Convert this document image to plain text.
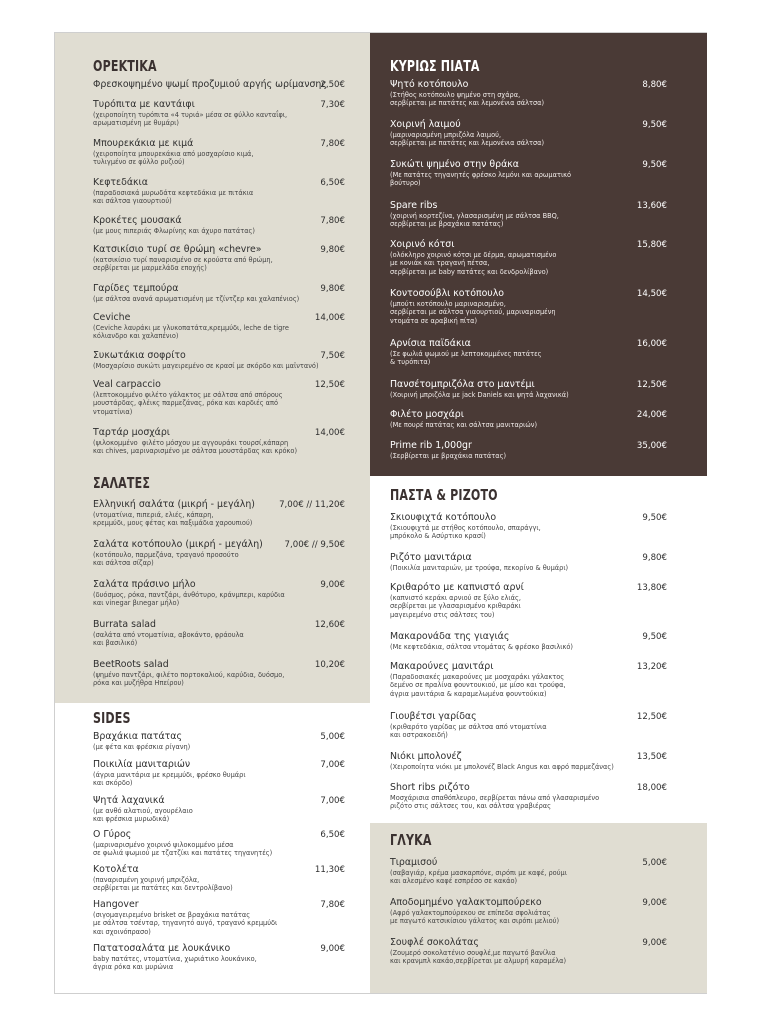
ΟΡΕΚΤΙΚΑ
Φρεσκοψημένο ψωμί προζυμιού αργής ωρίμανσης
2,50€
Τυρόπιτα με καντάιφι
(χειροποίητη τυρόπιτα «4 τυριά» μέσα σε φύλλο κανταΐφι,
αρωματισμένη με θυμάρι)
7,30€
Μπουρεκάκια με κιμά
(χειροποίητα μπουρεκάκια από μοσχαρίσιο κιμά,
τυλιγμένο σε φύλλο ρυζιού)
7,80€
Κεφτεδάκια
(παραδοσιακά μυρωδάτα κεφτεδάκια με πιτάκια
και σάλτσα γιαουρτιού)
6,50€
Κροκέτες μουσακά
(με μους πιπεριάς Φλωρίνης και άχυρο πατάτας)
7,80€
Κατσικίσιο τυρί σε θρώμη «chevre»
(κατσικίσιο τυρί παναρισμένο σε κρούστα από θρώμη,
σερβίρεται με μαρμελάδα εποχής)
9,80€
Γαρίδες τεμπούρα
(με σάλτσα ανανά αρωματισμένη με τζίντζερ και χαλαπένιος)
9,80€
Ceviche
(Ceviche λαυράκι με γλυκοπατάτα,κρεμμύδι, leche de tigre
κόλιανδρο και χαλαπένιο)
14,00€
Συκωτάκια σοφρίτο
(Μοσχαρίσιο συκώτι μαγειρεμένο σε κρασί με σκόρδο και μαϊντανό)
7,50€
Veal carpaccio
(λεπτοκομμένο φιλέτο γάλακτος με σάλτσα από σπόρους
μουστάρδας, φλέικς παρμεζάνας, ρόκα και καρδιές από
ντοματίνια)
12,50€
Ταρτάρ μοσχάρι
(ψιλοκομμένο  φιλέτο μόσχου με αγγουράκι τουρσί,κάπαρη
και chives, μαριναρισμένο με σάλτσα μουστάρδας και κρόκο)
14,00€
ΣΑΛΑΤΕΣ
Ελληνική σαλάτα (μικρή - μεγάλη)
(ντοματίνια, πιπεριά, ελιές, κάπαρη,
κρεμμύδι, μους φέτας και παξιμάδια χαρουπιού)
7,00€ // 11,20€
Σαλάτα κοτόπουλο (μικρή - μεγάλη)
(κοτόπουλο, παρμεζάνα, τραγανό προσούτο
και σάλτσα σίζαρ)
7,00€ // 9,50€
Σαλάτα πράσινο μήλο
(δυόσμος, ρόκα, παντζάρι, άνθότυρο, κράνμπερι, καρύδια
και vinegar βιnegar μήλο)
9,00€
Burrata salad
(σαλάτα από ντοματίνια, αβοκάντο, φράουλα
και βασιλικό)
12,60€
BeetRoots salad
(ψημένο παντζάρι, φιλέτο πορτοκαλιού, καρύδια, δυόσμο,
ρόκα και μυζήθρα Ηπείρου)
10,20€
SIDES
Βραχάκια πατάτας
(με φέτα και φρέσκια ρίγανη)
5,00€
Ποικιλία μανιταριών
(άγρια μανιτάρια με κρεμμύδι, φρέσκο θυμάρι
και σκόρδο)
7,00€
Ψητά λαχανικά
(με ανθό αλατιού, αγουρέλαιο
και φρέσκια μυρωδικά)
7,00€
Ο Γύρος
(μαριναρισμένο χοιρινό ψιλοκομμένο μέσα
σε φωλιά ψωμιού με τζατζίκι και πατάτες τηγανητές)
6,50€
Κοτολέτα
(παναρισμένη χοιρινή μπριζόλα,
σερβίρεται με πατάτες και δεντρολίβανο)
11,30€
Hangover
(σιγομαγειρεμένο brisket σε βραχάκια πατάτας
με σάλτσα τσένταρ, τηγανητό αυγό, τραγανό κρεμμύδι
και σχοινόπρασο)
7,80€
Πατατοσαλάτα με λουκάνικο
baby πατάτες, ντοματίνια, χωριάτικο λουκάνικο,
άγρια ρόκα και μυρώνια
9,00€
ΚΥΡΙΩΣ ΠΙΑΤΑ
Ψητό κοτόπουλο
(Στήθος κοτόπουλο ψημένο στη σχάρα,
σερβίρεται με πατάτες και λεμονένια σάλτσα)
8,80€
Χοιρινή λαιμού
(μαριναρισμένη μπριζόλα λαιμού,
σερβίρεται με πατάτες και λεμονένια σάλτσα)
9,50€
Συκώτι ψημένο στην θράκα
(Με πατάτες τηγανητές φρέσκο λεμόνι και αρωματικό
βούτυρο)
9,50€
Spare ribs
(χοιρινή κορτεζίνα, γλασαρισμένη με σάλτσα BBQ,
σερβίρεται με βραχάκια πατάτας)
13,60€
Χοιρινό κότσι
(ολόκληρο χοιρινό κότσι με δέρμα, αρωματισμένο
με κονιάκ και τραγανή πέτσα,
σερβίρεται με baby πατάτες και δενδρολίβανο)
15,80€
Κοντοσούβλι κοτόπουλο
(μπούτι κοτόπουλο μαριναρισμένο,
σερβίρεται με σάλτσα γιαουρτιού, μαριναρισμένη
ντομάτα σε αραβική πίτα)
14,50€
Αρνίσια παϊδάκια
(Σε φωλιά ψωμιού με λεπτοκομμένες πατάτες
& τυρόπιτα)
16,00€
Πανσέτομπριζόλα στο μαντέμι
(Χοιρινή μπριζόλα με jack Daniels και ψητά λαχανικά)
12,50€
Φιλέτο μοσχάρι
(Με πουρέ πατάτας και σάλτσα μανιταριών)
24,00€
Prime rib 1,000gr
(Σερβίρεται με βραχάκια πατάτας)
35,00€
ΠΑΣΤΑ & ΡΙΖΟΤΟ
Σκιουφιχτά κοτόπουλο
(Σκιουφιχτά με στήθος κοτόπουλο, σπαράγγι,
μπρόκολο & Ασύρτικο κρασί)
9,50€
Ριζότο μανιτάρια
(Ποικιλία μανιταριών, με τρούφα, πεκορίνο & θυμάρι)
9,80€
Κριθαρότο με καπνιστό αρνί
(καπνιστό κεράκι αρνιού σε ξύλο ελιάς,
σερβίρεται με γλασαρισμένο κριθαράκι
μαγειρεμένο στις σάλτσες του)
13,80€
Μακαρονάδα της γιαγιάς
(Με κεφτεδάκια, σάλτσα ντομάτας & φρέσκο βασιλικό)
9,50€
Μακαρούνες μανιτάρι
(Παραδοσιακές μακαρούνες με μοσχαράκι γάλακτος
δεμένο σε πραλίνα φουντουκιού, με μίσο και τρούφα,
άγρια μανιτάρια & καραμελωμένα φουντούκια)
13,20€
Γιουβέτσι γαρίδας
(κριθαρότο γαρίδας με σάλτσα από ντοματίνια
και οστρακοειδή)
12,50€
Νιόκι μπολονέζ
(Χειροποίητα νιόκι με μπολονέζ Black Angus και αφρό παρμεζάνας)
13,50€
Short ribs ριζότο
Μοσχάρισια σπαθόπλευρο, σερβίρεται πάνω από γλασαρισμένο
ριζότο στις σάλτσες του, και σάλτσα γραβιέρας
18,00€
ΓΛΥΚΑ
Τιραμισού
(σαβαγιάρ, κρέμα μασκαρπόνε, σιρόπι με καφέ, ρούμι
και αλεσμένο καφέ εσπρέσο σε κακάο)
5,00€
Αποδομημένο γαλακτομπούρεκο
(Αφρό γαλακτομπούρεκου σε επίπεδα σφολιάτας
με παγωτό κατσικίσιου γάλατος και σιρόπι μελιού)
9,00€
Σουφλέ σοκολάτας
(Ζουμερό σοκολατένιο σουφλέ,με παγωτό βανίλια
και κρανμπλ κακάο,σερβίρεται με αλμυρή καραμέλα)
9,00€
